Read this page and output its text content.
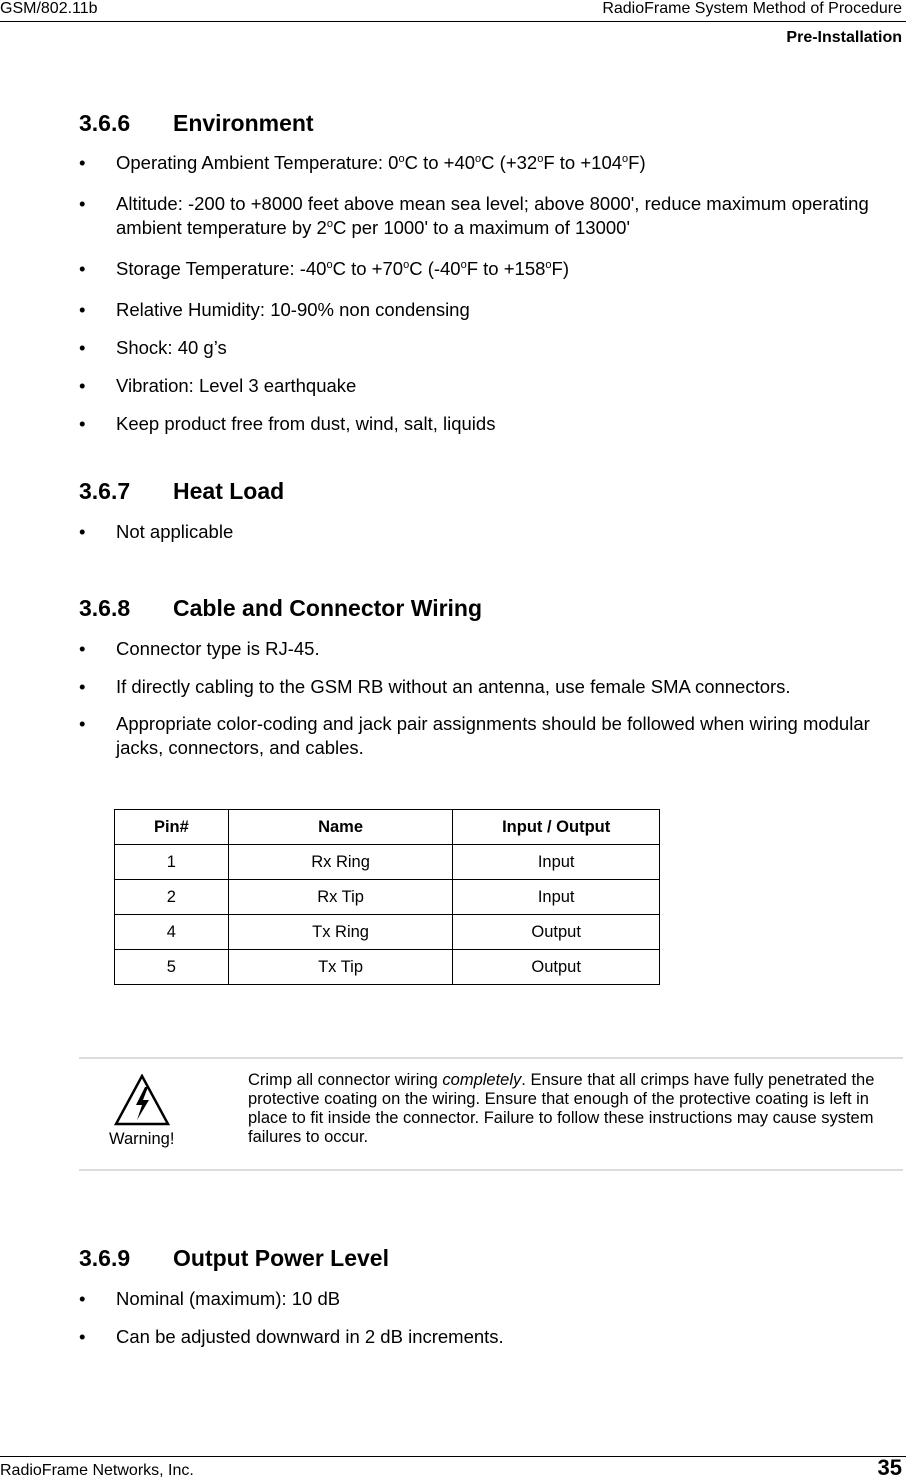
GSM/802.11b	RadioFrame System Method of Procedure
Pre-Installation
3.6.6 Environment
• Operating Ambient Temperature: 0$^o$C to $+40^oC$ ($+32^oF$ to $+104^oF$)
• Altitude: -200 to +8000 feet above mean sea level; above 8000', reduce maximum operating ambient temperature by 2$^o$C per 1000' to a maximum of 13000'
• Storage Temperature: -40$^o$C to $+70^oC$ (-40$^o$F to $+158^oF$)
• Relative Humidity: 10-90% non condensing
• Shock: 40 g’s
• Vibration: Level 3 earthquake
• Keep product free from dust, wind, salt, liquids
3.6.7 Heat Load
• Not applicable
3.6.8 Cable and Connector Wiring
• Connector type is RJ-45.
• If directly cabling to the GSM RB without an antenna, use female SMA connectors.
• Appropriate color-coding and jack pair assignments should be followed when wiring modular jacks, connectors, and cables.
Pin#	Name	Input / Output
1	Rx Ring	Input
2	Rx Tip	Input
4	Tx Ring	Output
5	Tx Tip	Output
Warning!
Crimp all connector wiring completely. Ensure that all crimps have fully penetrated the protective coating on the wiring. Ensure that enough of the protective coating is left in place to fit inside the connector. Failure to follow these instructions may cause system failures to occur.
3.6.9 Output Power Level
• Nominal (maximum): 10 dB
• Can be adjusted downward in 2 dB increments.
RadioFrame Networks, Inc.	35
